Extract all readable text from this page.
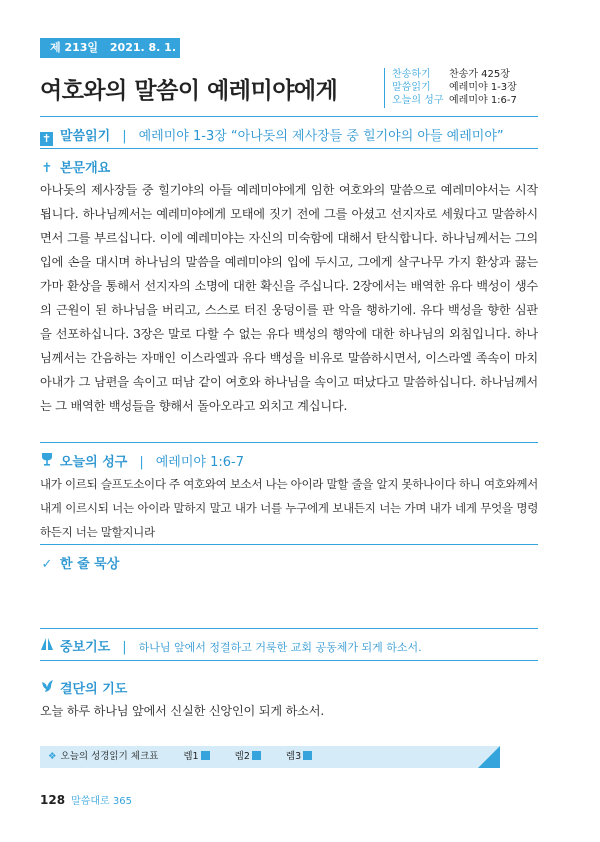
제 213일 2021. 8. 1. 주
여호와의 말씀이 예레미야에게
찬송하기 찬송가 425장
말씀읽기 예레미야 1-3장
오늘의 성구 예레미야 1:6-7
✝ 말씀읽기 | 예레미야 1-3장 “아나돗의 제사장들 중 힐기야의 아들 예레미야”
✝ 본문개요
아나돗의 제사장들 중 힐기야의 아들 예레미야에게 임한 여호와의 말씀으로 예레미야서는 시작됩니다. 하나님께서는 예레미야에게 모태에 짓기 전에 그를 아셨고 선지자로 세웠다고 말씀하시면서 그를 부르십니다. 이에 예레미야는 자신의 미숙함에 대해서 탄식합니다. 하나님께서는 그의 입에 손을 대시며 하나님의 말씀을 예레미야의 입에 두시고, 그에게 살구나무 가지 환상과 끓는 가마 환상을 통해서 선지자의 소명에 대한 확신을 주십니다. 2장에서는 배역한 유다 백성이 생수의 근원이 된 하나님을 버리고, 스스로 터진 웅덩이를 판 악을 행하기에. 유다 백성을 향한 심판을 선포하십니다. 3장은 말로 다할 수 없는 유다 백성의 행악에 대한 하나님의 외침입니다. 하나님께서는 간음하는 자매인 이스라엘과 유다 백성을 비유로 말씀하시면서, 이스라엘 족속이 마치 아내가 그 남편을 속이고 떠남 같이 여호와 하나님을 속이고 떠났다고 말씀하십니다. 하나님께서는 그 배역한 백성들을 향해서 돌아오라고 외치고 계십니다.
오늘의 성구 | 예레미야 1:6-7
내가 이르되 슬프도소이다 주 여호와여 보소서 나는 아이라 말할 줄을 알지 못하나이다 하니 여호와께서 내게 이르시되 너는 아이라 말하지 말고 내가 너를 누구에게 보내든지 너는 가며 내가 네게 무엇을 명령하든지 너는 말할지니라
✓ 한 줄 묵상
중보기도 | 하나님 앞에서 정결하고 거룩한 교회 공동체가 되게 하소서.
결단의 기도
오늘 하루 하나님 앞에서 신실한 신앙인이 되게 하소서.
❖ 오늘의 성경읽기 체크표	렘1	렘2	렘3
128 말씀대로 365
